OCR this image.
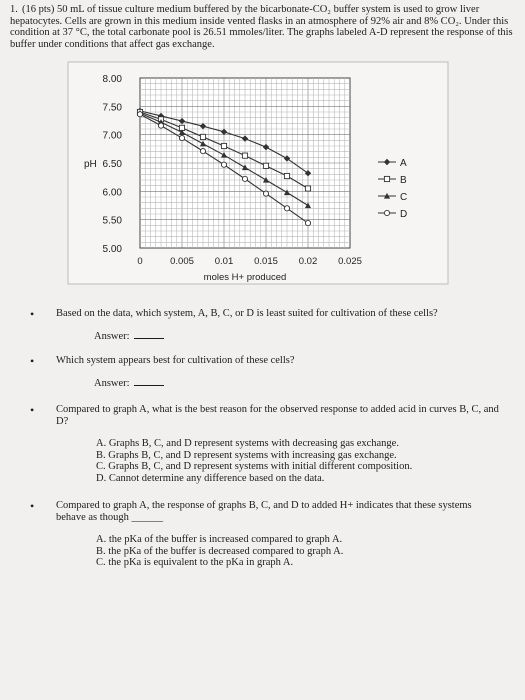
1. (16 pts) 50 mL of tissue culture medium buffered by the bicarbonate-CO₂ buffer system is used to grow liver hepatocytes. Cells are grown in this medium inside vented flasks in an atmosphere of 92% air and 8% CO₂. Under this condition at 37 °C, the total carbonate pool is 26.51 mmoles/liter. The graphs labeled A-D represent the response of this buffer under conditions that affect gas exchange.
5.00
5.50
6.00
6.50
7.00
7.50
8.00
pH
0	0.005 0.01 0.015 0.02 0.025
moles H+ produced
A
B
C
D
• Based on the data, which system, A, B, C, or D is least suited for cultivation of these cells?
Answer:
• Which system appears best for cultivation of these cells?
Answer:
• Compared to graph A, what is the best reason for the observed response to added acid in curves B, C, and D?
A. Graphs B, C, and D represent systems with decreasing gas exchange.
B. Graphs B, C, and D represent systems with increasing gas exchange.
C. Graphs B, C, and D represent systems with initial different composition.
D. Cannot determine any difference based on the data.
• Compared to graph A, the response of graphs B, C, and D to added H+ indicates that these systems behave as though ______
A. the pKa of the buffer is increased compared to graph A.
B. the pKa of the buffer is decreased compared to graph A.
C. the pKa is equivalent to the pKa in graph A.
